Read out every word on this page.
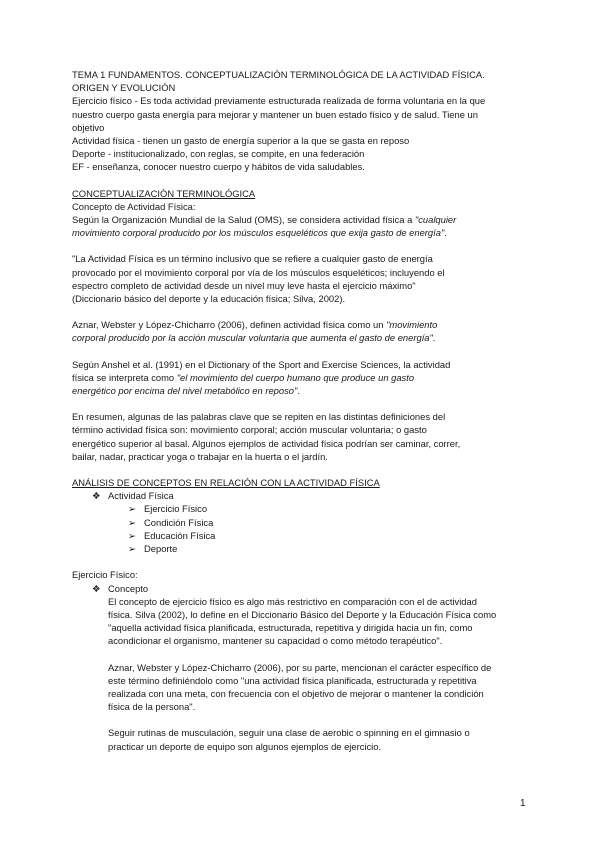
TEMA 1 FUNDAMENTOS. CONCEPTUALIZACIÓN TERMINOLÓGICA DE LA ACTIVIDAD FÍSICA.

ORIGEN Y EVOLUCIÓN

Ejercicio físico - Es toda actividad previamente estructurada realizada de forma voluntaria en la que

nuestro cuerpo gasta energía para mejorar y mantener un buen estado físico y de salud. Tiene un

objetivo

Actividad física - tienen un gasto de energía superior a la que se gasta en reposo

Deporte - institucionalizado, con reglas, se compite, en una federación

EF - enseñanza, conocer nuestro cuerpo y hábitos de vida saludables.

CONCEPTUALIZACIÓN TERMINOLÓGICA

Concepto de Actividad Física:

Según la Organización Mundial de la Salud (OMS), se considera actividad física a "cualquier

movimiento corporal producido por los músculos esqueléticos que exija gasto de energía".

"La Actividad Física es un término inclusivo que se refiere a cualquier gasto de energía

provocado por el movimiento corporal por vía de los músculos esqueléticos; incluyendo el

espectro completo de actividad desde un nivel muy leve hasta el ejercicio máximo"

(Diccionario básico del deporte y la educación física; Silva, 2002).

Aznar, Webster y López-Chicharro (2006), definen actividad física como un "movimiento

corporal producido por la acción muscular voluntaria que aumenta el gasto de energía".

Según Anshel et al. (1991) en el Dictionary of the Sport and Exercise Sciences, la actividad

física se interpreta como "el movimiento del cuerpo humano que produce un gasto

energético por encima del nivel metabólico en reposo".

En resumen, algunas de las palabras clave que se repiten en las distintas definiciones del

término actividad física son: movimiento corporal; acción muscular voluntaria; o gasto

energético superior al basal. Algunos ejemplos de actividad física podrían ser caminar, correr,

bailar, nadar, practicar yoga o trabajar en la huerta o el jardín.

ANÁLISIS DE CONCEPTOS EN RELACIÓN CON LA ACTIVIDAD FÍSICA

❖ Actividad Física
➢ Ejercicio Físico
➢ Condición Física
➢ Educación Física
➢ Deporte

Ejercicio Físico:

❖ Concepto

El concepto de ejercicio físico es algo más restrictivo en comparación con el de actividad

física. Silva (2002), lo define en el Diccionario Básico del Deporte y la Educación Física como

"aquella actividad física planificada, estructurada, repetitiva y dirigida hacia un fin, como

acondicionar el organismo, mantener su capacidad o como método terapéutico".

Aznar, Webster y López-Chicharro (2006), por su parte, mencionan el carácter específico de

este término definiéndolo como "una actividad física planificada, estructurada y repetitiva

realizada con una meta, con frecuencia con el objetivo de mejorar o mantener la condición

física de la persona".

Seguir rutinas de musculación, seguir una clase de aerobic o spinning en el gimnasio o

practicar un deporte de equipo son algunos ejemplos de ejercicio.

1
